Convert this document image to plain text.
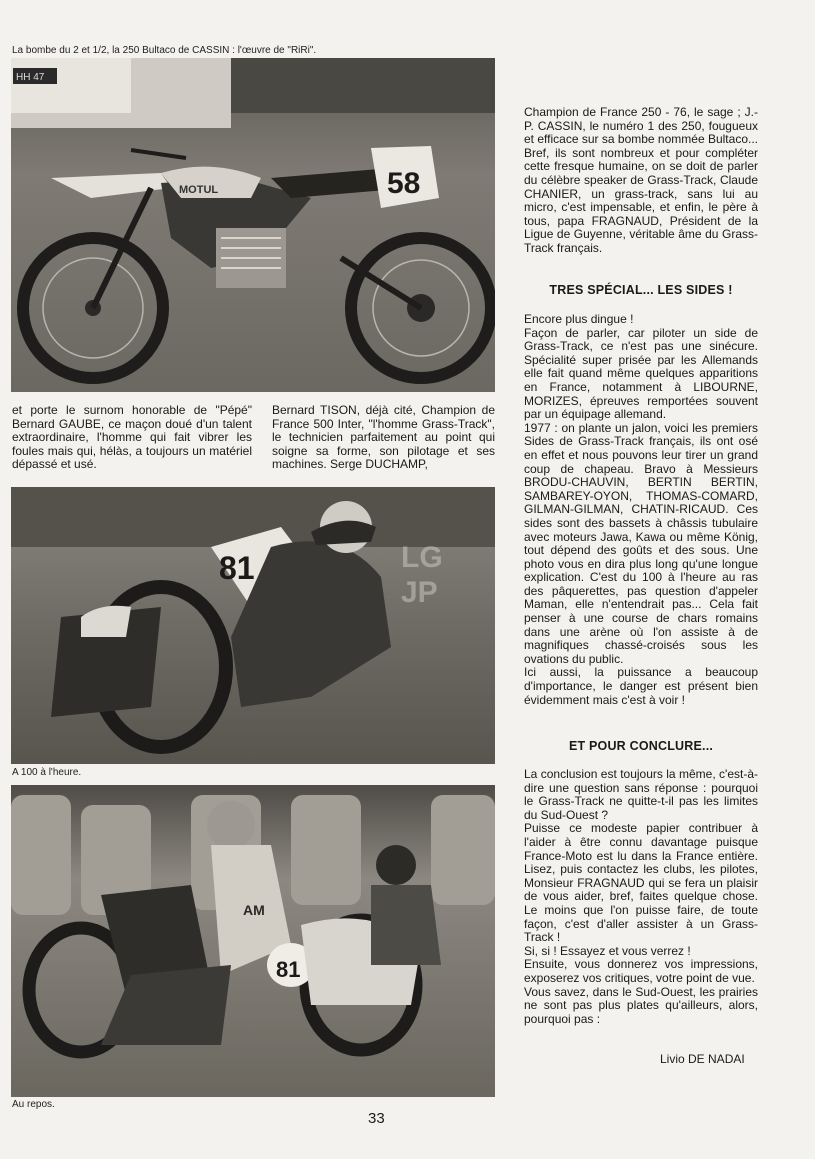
La bombe du 2 et 1/2, la 250 Bultaco de CASSIN : l'œuvre de "RiRi".
HH 47
MOTUL	58
et porte le surnom honorable de "Pépé" Bernard GAUBE, ce maçon doué d'un talent extraordinaire, l'homme qui fait vibrer les foules mais qui, hélàs, a toujours un matériel dépassé et usé.
Bernard TISON, déjà cité, Champion de France 500 Inter, "l'homme Grass-Track", le technicien parfaitement au point qui soigne sa forme, son pilotage et ses machines. Serge DUCHAMP,
81	LG
JP
A 100 à l'heure.
AM
81
Au repos.
Champion de France 250 - 76, le sage ; J.-P. CASSIN, le numéro 1 des 250, fougueux et efficace sur sa bombe nommée Bultaco... Bref, ils sont nombreux et pour compléter cette fresque humaine, on se doit de parler du célèbre speaker de Grass-Track, Claude CHANIER, un grass-track, sans lui au micro, c'est impensable, et enfin, le père à tous, papa FRAGNAUD, Président de la Ligue de Guyenne, véritable âme du Grass-Track français.
TRES SPÉCIAL... LES SIDES !

Encore plus dingue !

Façon de parler, car piloter un side de Grass-Track, ce n'est pas une sinécure. Spécialité super prisée par les Allemands elle fait quand même quelques apparitions en France, notamment à LIBOURNE, MORIZES, épreuves remportées souvent par un équipage allemand.

1977 : on plante un jalon, voici les premiers Sides de Grass-Track français, ils ont osé en effet et nous pouvons leur tirer un grand coup de chapeau. Bravo à Messieurs BRODU-CHAUVIN, BERTIN BERTIN, SAMBAREY-OYON, THOMAS-COMARD, GILMAN-GILMAN, CHATIN-RICAUD. Ces sides sont des bassets à châssis tubulaire avec moteurs Jawa, Kawa ou même König, tout dépend des goûts et des sous. Une photo vous en dira plus long qu'une longue explication. C'est du 100 à l'heure au ras des pâquerettes, pas question d'appeler Maman, elle n'entendrait pas... Cela fait penser à une course de chars romains dans une arène où l'on assiste à de magnifiques chassé-croisés sous les ovations du public.

Ici aussi, la puissance a beaucoup d'importance, le danger est présent bien évidemment mais c'est à voir !

ET POUR CONCLURE...

La conclusion est toujours la même, c'est-à-dire une question sans réponse : pourquoi le Grass-Track ne quitte-t-il pas les limites du Sud-Ouest ?

Puisse ce modeste papier contribuer à l'aider à être connu davantage puisque France-Moto est lu dans la France entière. Lisez, puis contactez les clubs, les pilotes, Monsieur FRAGNAUD qui se fera un plaisir de vous aider, bref, faites quelque chose. Le moins que l'on puisse faire, de toute façon, c'est d'aller assister à un Grass-Track !

Si, si ! Essayez et vous verrez !

Ensuite, vous donnerez vos impressions, exposerez vos critiques, votre point de vue.

Vous savez, dans le Sud-Ouest, les prairies ne sont pas plus plates qu'ailleurs, alors, pourquoi pas :

Livio DE NADAI
33
